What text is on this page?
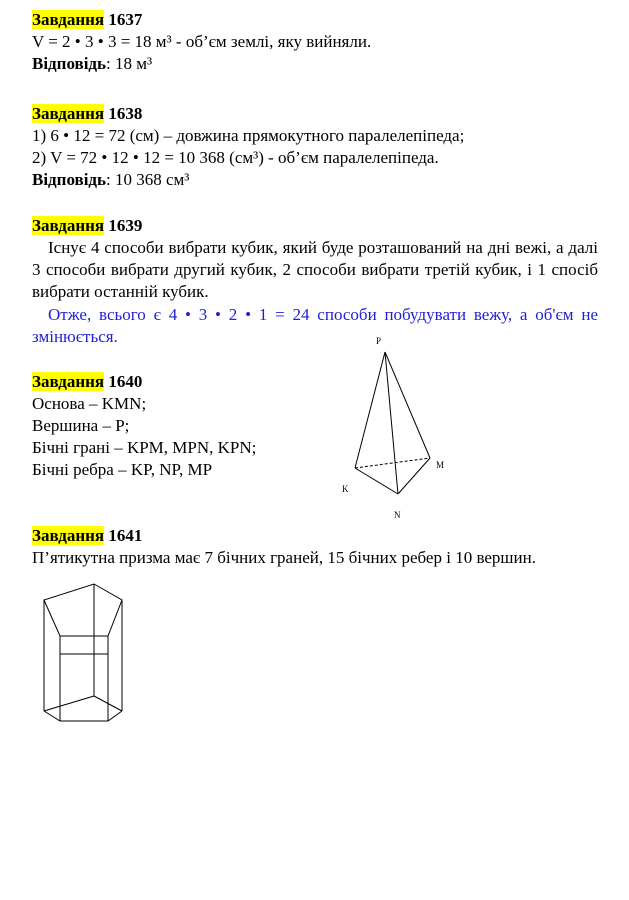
Завдання 1637
V = 2 • 3 • 3 = 18 м³ - об’єм землі, яку вийняли.
Відповідь: 18 м³
Завдання 1638
1) 6 • 12 = 72 (см) – довжина прямокутного паралелепіпеда;
2) V = 72 • 12 • 12 = 10 368 (см³) - об’єм паралелепіпеда.
Відповідь: 10 368 см³
Завдання 1639
Існує 4 способи вибрати кубик, який буде розташований на дні вежі, а далі 3 способи вибрати другий кубик, 2 способи вибрати третій кубик, і 1 спосіб вибрати останній кубик.
Отже, всього є 4 • 3 • 2 • 1 = 24 способи побудувати вежу, а об'єм не змінюється.
Завдання 1640
Основа – KMN;
Вершина – P;
Бічні грані – KPM, MPN, KPN;
Бічні ребра – KP, NP, MP
P
K
M
N
Завдання 1641
П’ятикутна призма має 7 бічних граней, 15 бічних ребер і 10 вершин.
